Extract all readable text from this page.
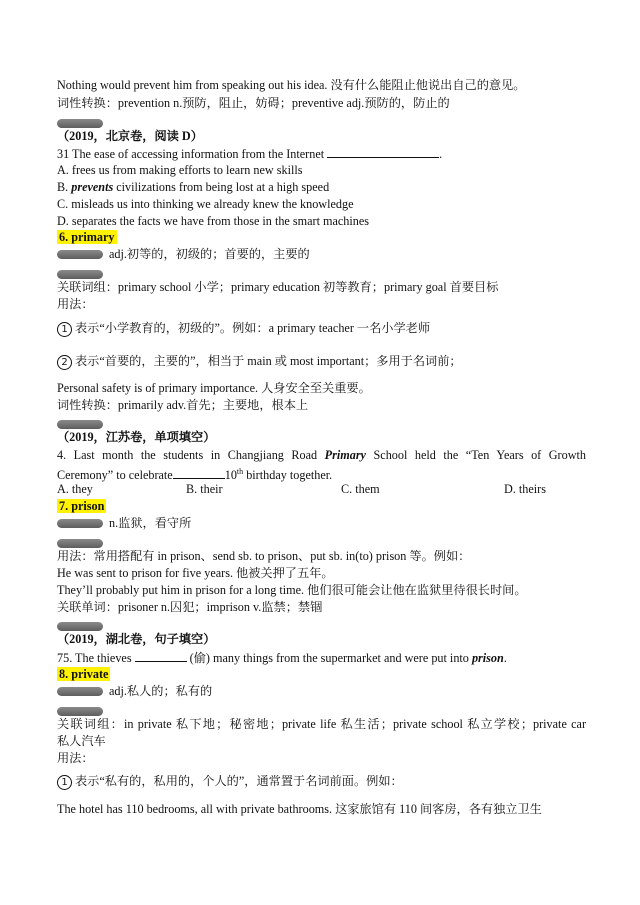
Nothing would prevent him from speaking out his idea. 没有什么能阻止他说出自己的意见。
词性转换：prevention n.预防，阻止，妨碍；preventive adj.预防的，防止的
（2019，北京卷，阅读 D）
31 The ease of accessing information from the Internet	.
A. frees us from making efforts to learn new skills
B. prevents civilizations from being lost at a high speed
C. misleads us into thinking we already knew the knowledge
D. separates the facts we have from those in the smart machines
6. primary
adj.初等的，初级的；首要的，主要的
关联词组：primary school 小学；primary education 初等教育；primary goal 首要目标
用法：
1 表示“小学教育的，初级的”。例如：a primary teacher 一名小学老师
2 表示“首要的，主要的”，相当于 main 或 most important；多用于名词前；
Personal safety is of primary importance. 人身安全至关重要。
词性转换：primarily adv.首先；主要地，根本上
（2019，江苏卷，单项填空）
4. Last month the students in Changjiang Road Primary School held the “Ten Years of Growth
Ceremony” to celebrate	10th birthday together.
A. they	B. their	C. them	D. theirs
7. prison
n.监狱，看守所
用法：常用搭配有 in prison、send sb. to prison、put sb. in(to) prison 等。例如：
He was sent to prison for five years. 他被关押了五年。
They’ll probably put him in prison for a long time. 他们很可能会让他在监狱里待很长时间。
关联单词：prisoner n.囚犯；imprison v.监禁；禁锢
（2019，湖北卷，句子填空）
75. The thieves	(偷) many things from the supermarket and were put into prison.
8. private
adj.私人的；私有的
关联词组：in private 私下地；秘密地；private life 私生活；private school 私立学校；private car
私人汽车
用法：
1 表示“私有的，私用的，个人的”，通常置于名词前面。例如：
The hotel has 110 bedrooms, all with private bathrooms. 这家旅馆有 110 间客房，各有独立卫生
